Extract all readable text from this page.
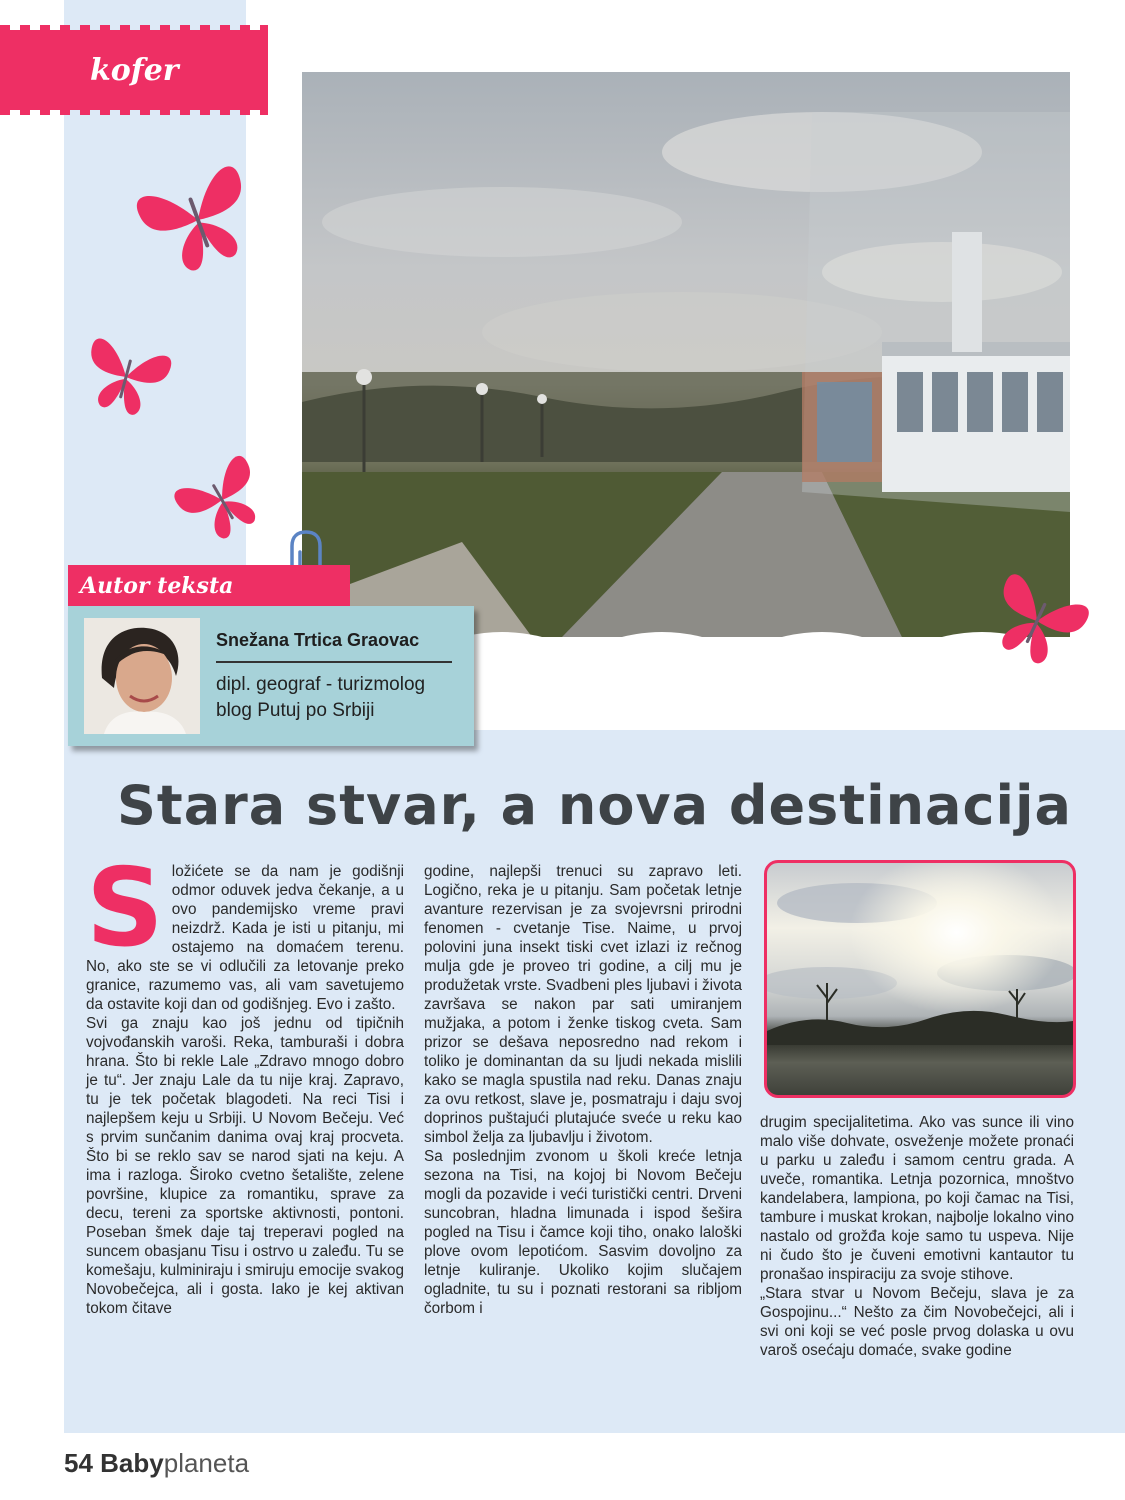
kofer
Autor teksta
Snežana Trtica Graovac
dipl. geograf - turizmolog
blog Putuj po Srbiji
Stara stvar, a nova destinacija

Složićete se da nam je godišnji odmor oduvek jedva čekanje, a u ovo pandemijsko vreme pravi neizdrž. Kada je isti u pitanju, mi ostajemo na domaćem terenu. No, ako ste se vi odlučili za letovanje preko granice, razumemo vas, ali vam savetujemo da ostavite koji dan od godišnjeg. Evo i zašto.

Svi ga znaju kao još jednu od tipičnih vojvođanskih varoši. Reka, tamburaši i dobra hrana. Što bi rekle Lale „Zdravo mnogo dobro je tu“. Jer znaju Lale da tu nije kraj. Zapravo, tu je tek početak blagodeti. Na reci Tisi i najlepšem keju u Srbiji. U Novom Bečeju. Već s prvim sunčanim danima ovaj kraj procveta. Što bi se reklo sav se narod sjati na keju. A ima i razloga. Široko cvetno šetalište, zelene površine, klupice za romantiku, sprave za decu, tereni za sportske aktivnosti, pontoni. Poseban šmek daje taj treperavi pogled na suncem obasjanu Tisu i ostrvo u zaleđu. Tu se komešaju, kulminiraju i smiruju emocije svakog Novobečejca, ali i gosta. Iako je kej aktivan tokom čitave

godine, najlepši trenuci su zapravo leti. Logično, reka je u pitanju. Sam početak letnje avanture rezervisan je za svojevrsni prirodni fenomen - cvetanje Tise. Naime, u prvoj polovini juna insekt tiski cvet izlazi iz rečnog mulja gde je proveo tri godine, a cilj mu je produžetak vrste. Svadbeni ples ljubavi i života završava se nakon par sati umiranjem mužjaka, a potom i ženke tiskog cveta. Sam prizor se dešava neposredno nad rekom i toliko je dominantan da su ljudi nekada mislili kako se magla spustila nad reku. Danas znaju za ovu retkost, slave je, posmatraju i daju svoj doprinos puštajući plutajuće sveće u reku kao simbol želja za ljubavlju i životom.

Sa poslednjim zvonom u školi kreće letnja sezona na Tisi, na kojoj bi Novom Bečeju mogli da pozavide i veći turistički centri. Drveni suncobran, hladna limunada i ispod šešira pogled na Tisu i čamce koji tiho, onako laloški plove ovom lepotićom. Sasvim dovoljno za letnje kuliranje. Ukoliko kojim slučajem ogladnite, tu su i poznati restorani sa ribljom čorbom i

drugim specijalitetima. Ako vas sunce ili vino malo više dohvate, osveženje možete pronaći u parku u zaleđu i samom centru grada. A uveče, romantika. Letnja pozornica, mnoštvo kandelabera, lampiona, po koji čamac na Tisi, tambure i muskat krokan, najbolje lokalno vino nastalo od grožđa koje samo tu uspeva. Nije ni čudo što je čuveni emotivni kantautor tu pronašao inspiraciju za svoje stihove.

„Stara stvar u Novom Bečeju, slava je za Gospojinu...“ Nešto za čim Novobečejci, ali i svi oni koji se već posle prvog dolaska u ovu varoš osećaju domaće, svake godine

54 Babyplaneta
